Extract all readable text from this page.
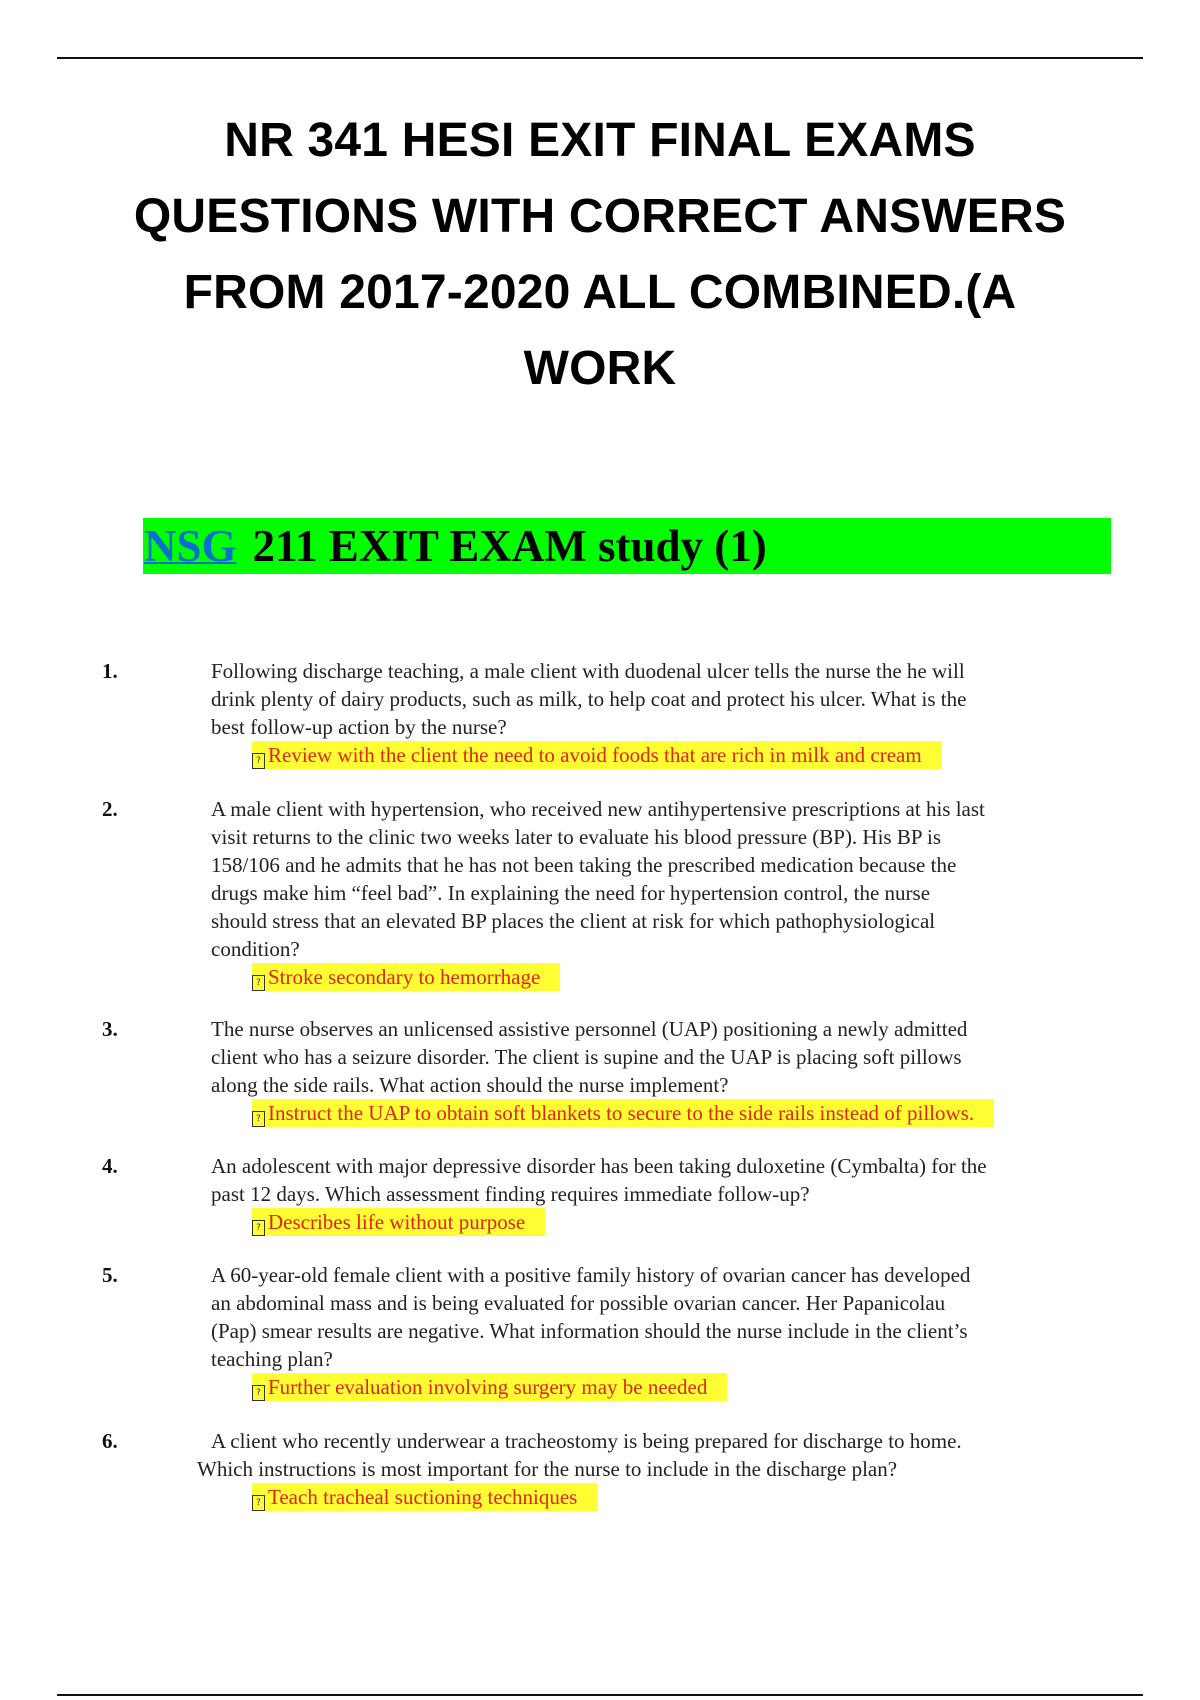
NR 341 HESI EXIT FINAL EXAMS
QUESTIONS WITH CORRECT ANSWERS
FROM 2017-2020 ALL COMBINED.(A
WORK
NSG 211 EXIT EXAM study (1)
1.	Following discharge teaching, a male client with duodenal ulcer tells the nurse the he will
drink plenty of dairy products, such as milk, to help coat and protect his ulcer. What is the
best follow-up action by the nurse?
? Review with the client the need to avoid foods that are rich in milk and cream
2.	A male client with hypertension, who received new antihypertensive prescriptions at his last
visit returns to the clinic two weeks later to evaluate his blood pressure (BP). His BP is
158/106 and he admits that he has not been taking the prescribed medication because the
drugs make him “feel bad”. In explaining the need for hypertension control, the nurse
should stress that an elevated BP places the client at risk for which pathophysiological
condition?
? Stroke secondary to hemorrhage
3.	The nurse observes an unlicensed assistive personnel (UAP) positioning a newly admitted
client who has a seizure disorder. The client is supine and the UAP is placing soft pillows
along the side rails. What action should the nurse implement?
? Instruct the UAP to obtain soft blankets to secure to the side rails instead of pillows.
4.	An adolescent with major depressive disorder has been taking duloxetine (Cymbalta) for the
past 12 days. Which assessment finding requires immediate follow-up?
? Describes life without purpose
5.	A 60-year-old female client with a positive family history of ovarian cancer has developed
an abdominal mass and is being evaluated for possible ovarian cancer. Her Papanicolau
(Pap) smear results are negative. What information should the nurse include in the client’s
teaching plan?
? Further evaluation involving surgery may be needed
6.	A client who recently underwear a tracheostomy is being prepared for discharge to home.
Which instructions is most important for the nurse to include in the discharge plan?
? Teach tracheal suctioning techniques
